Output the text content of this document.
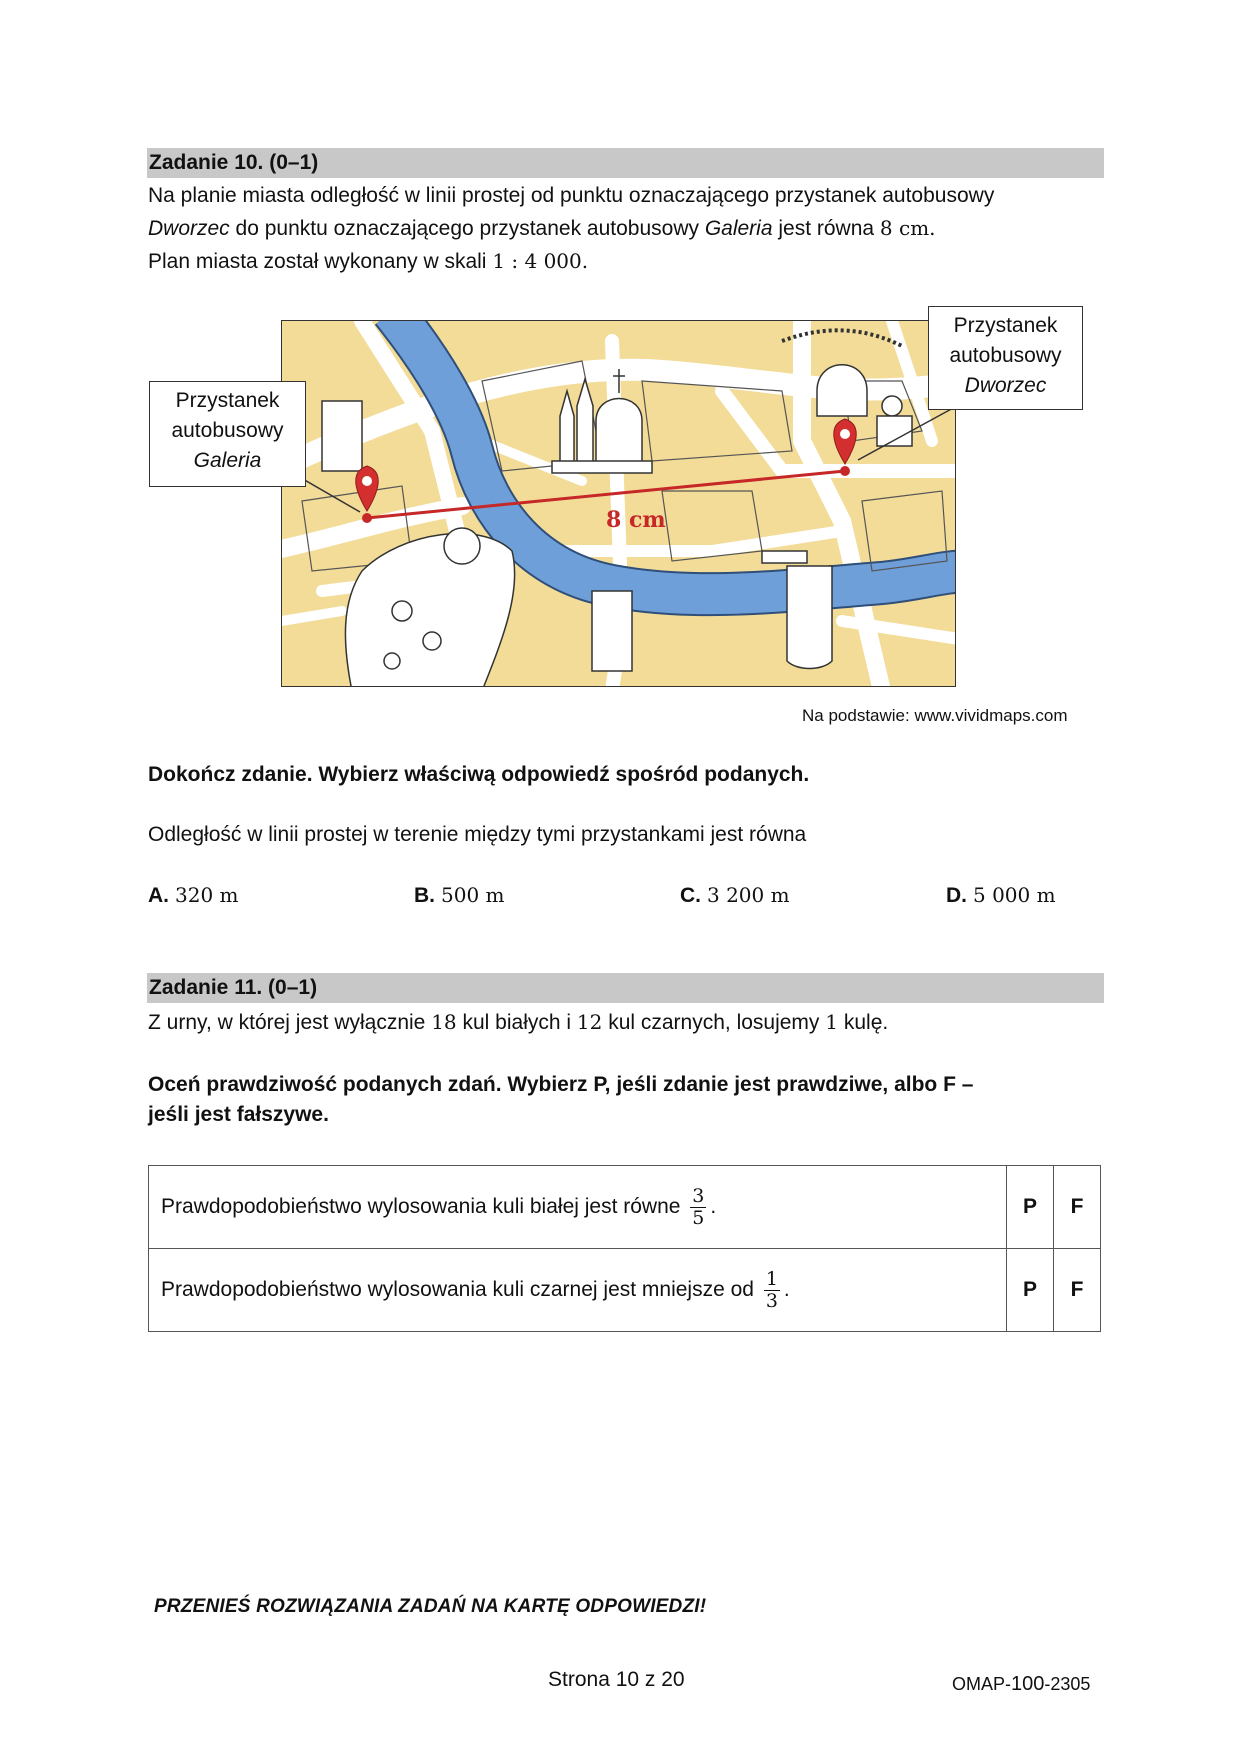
Zadanie 10. (0–1)
Na planie miasta odległość w linii prostej od punktu oznaczającego przystanek autobusowy
Dworzec do punktu oznaczającego przystanek autobusowy Galeria jest równa 8 cm.
Plan miasta został wykonany w skali 1 : 4 000.
8 cm
Przystanek
autobusowy
Galeria
Przystanek
autobusowy
Dworzec
Na podstawie: www.vividmaps.com
Dokończ zdanie. Wybierz właściwą odpowiedź spośród podanych.
Odległość w linii prostej w terenie między tymi przystankami jest równa
A. 320 m	B. 500 m	C. 3 200 m	D. 5 000 m
Zadanie 11. (0–1)
Z urny, w której jest wyłącznie 18 kul białych i 12 kul czarnych, losujemy 1 kulę.
Oceń prawdziwość podanych zdań. Wybierz P, jeśli zdanie jest prawdziwe, albo F –
jeśli jest fałszywe.
Prawdopodobieństwo wylosowania kuli białej jest równe $\frac{3}{5}$ .	P	F
Prawdopodobieństwo wylosowania kuli czarnej jest mniejsze od $\frac{1}{3}$ .	P	F
PRZENIEŚ ROZWIĄZANIA ZADAŃ NA KARTĘ ODPOWIEDZI!
Strona 10 z 20	OMAP-100-2305
